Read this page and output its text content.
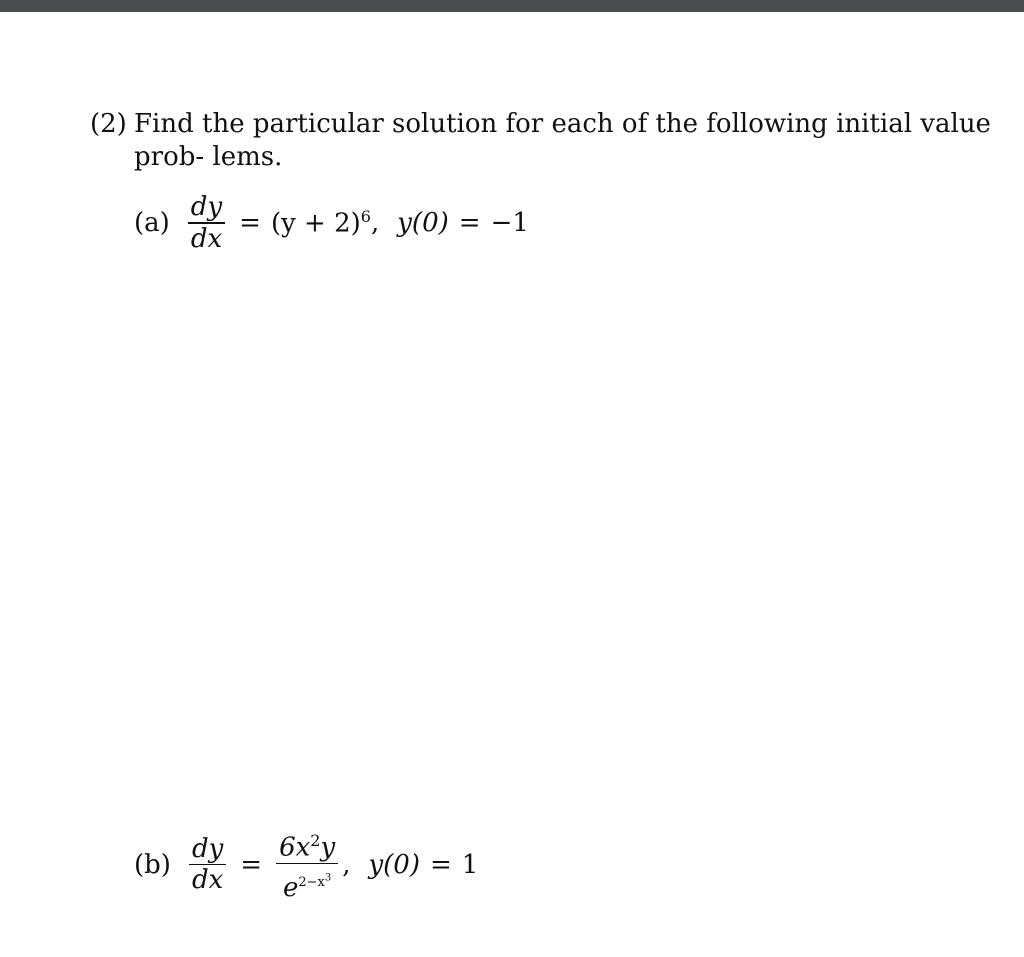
(2) Find the particular solution for each of the following initial value prob- lems.
$(a) \frac{dy}{dx} = (y + 2)^6$ , y(0) = −1
$(b) \frac{dy}{dx} = \frac{6x^2y}{e^{2-x^3}}$ , y(0) = 1
